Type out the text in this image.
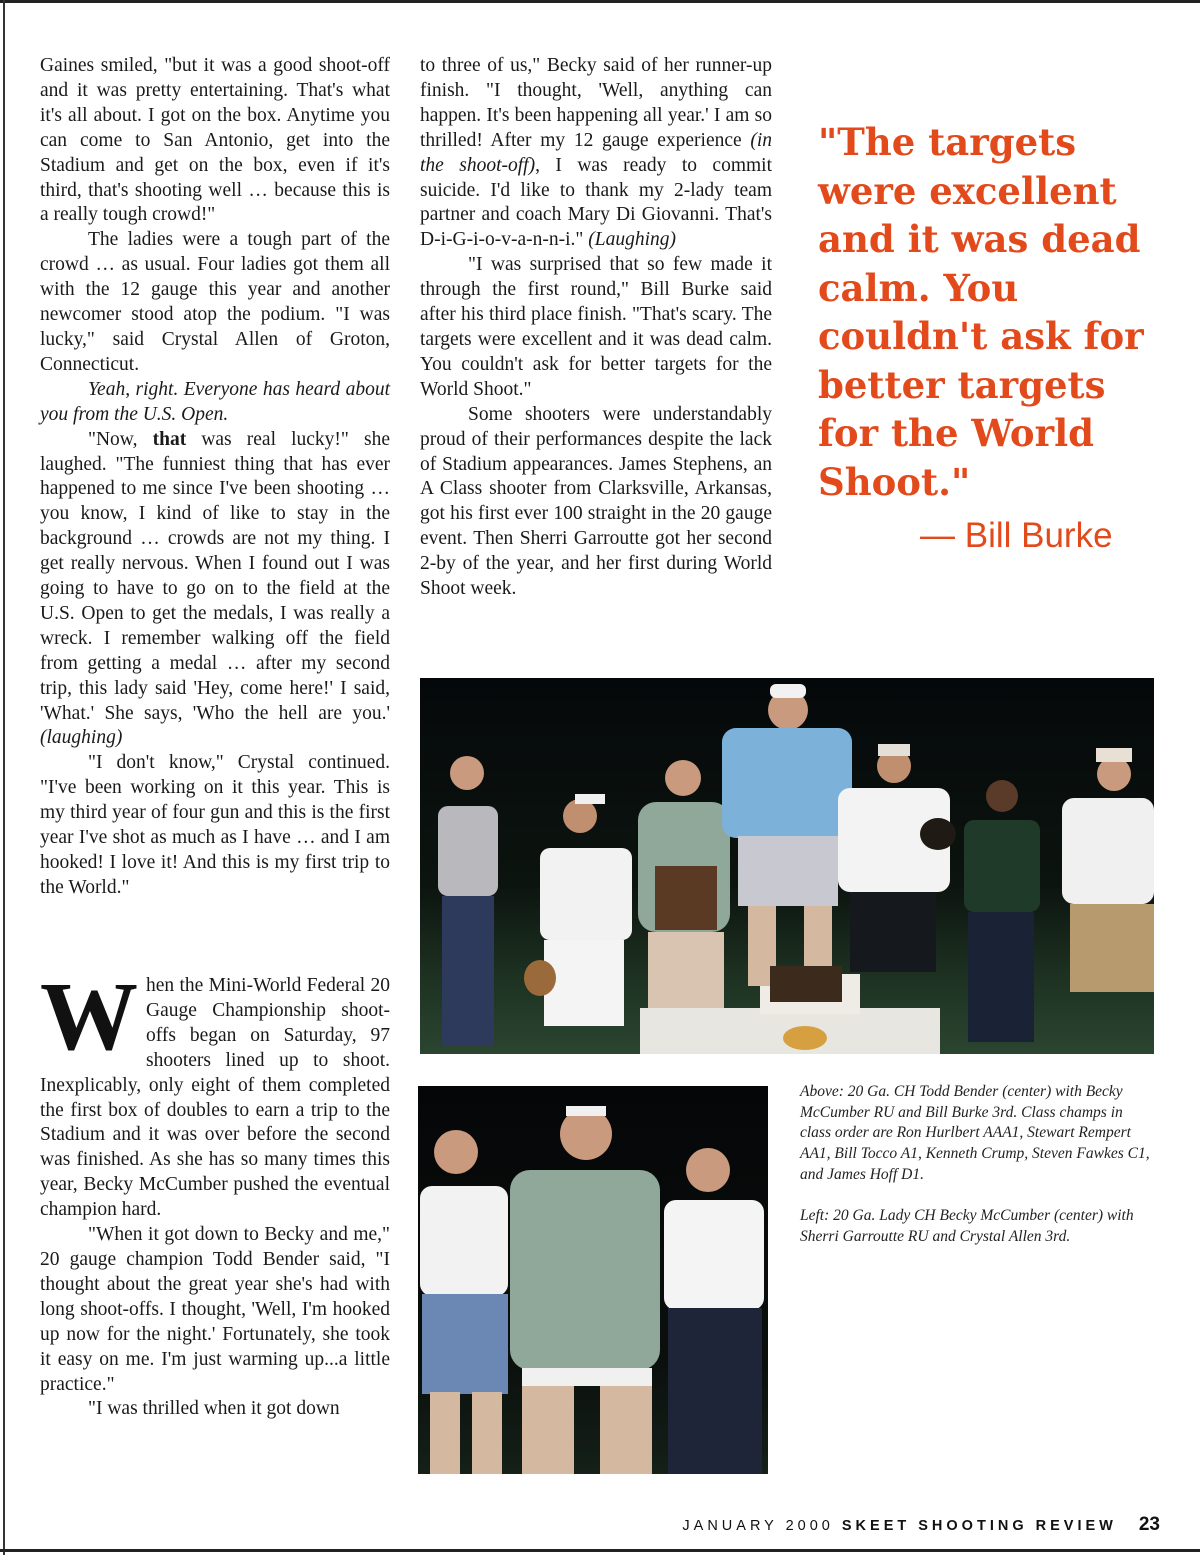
Gaines smiled, "but it was a good shoot-off and it was pretty entertaining. That's what it's all about. I got on the box. Anytime you can come to San Antonio, get into the Stadium and get on the box, even if it's third, that's shooting well … because this is a really tough crowd!"

The ladies were a tough part of the crowd … as usual. Four ladies got them all with the 12 gauge this year and another newcomer stood atop the podium. "I was lucky," said Crystal Allen of Groton, Connecticut.

Yeah, right. Everyone has heard about you from the U.S. Open.

"Now, that was real lucky!" she laughed. "The funniest thing that has ever happened to me since I've been shooting … you know, I kind of like to stay in the background … crowds are not my thing. I get really nervous. When I found out I was going to have to go on to the field at the U.S. Open to get the medals, I was really a wreck. I remember walking off the field from getting a medal … after my second trip, this lady said 'Hey, come here!' I said, 'What.' She says, 'Who the hell are you.' (laughing)

"I don't know," Crystal continued. "I've been working on it this year. This is my third year of four gun and this is the first year I've shot as much as I have … and I am hooked! I love it! And this is my first trip to the World."

When the Mini-World Federal 20 Gauge Championship shoot-offs began on Saturday, 97 shooters lined up to shoot. Inexplicably, only eight of them completed the first box of doubles to earn a trip to the Stadium and it was over before the second was finished. As she has so many times this year, Becky McCumber pushed the eventual champion hard.

"When it got down to Becky and me," 20 gauge champion Todd Bender said, "I thought about the great year she's had with long shoot-offs. I thought, 'Well, I'm hooked up now for the night.' Fortunately, she took it easy on me. I'm just warming up...a little practice."

"I was thrilled when it got down

to three of us," Becky said of her runner-up finish. "I thought, 'Well, anything can happen. It's been happening all year.' I am so thrilled! After my 12 gauge experience (in the shoot-off), I was ready to commit suicide. I'd like to thank my 2-lady team partner and coach Mary Di Giovanni. That's D-i-G-i-o-v-a-n-n-i." (Laughing)

"I was surprised that so few made it through the first round," Bill Burke said after his third place finish. "That's scary. The targets were excellent and it was dead calm. You couldn't ask for better targets for the World Shoot."

Some shooters were understandably proud of their performances despite the lack of Stadium appearances. James Stephens, an A Class shooter from Clarksville, Arkansas, got his first ever 100 straight in the 20 gauge event. Then Sherri Garroutte got her second 2-by of the year, and her first during World Shoot week.

"The targets were excellent and it was dead calm. You couldn't ask for better targets for the World Shoot."
— Bill Burke
Above: 20 Ga. CH Todd Bender (center) with Becky McCumber RU and Bill Burke 3rd. Class champs in class order are Ron Hurlbert AAA1, Stewart Rempert AA1, Bill Tocco A1, Kenneth Crump, Steven Fawkes C1, and James Hoff D1.
Left: 20 Ga. Lady CH Becky McCumber (center) with Sherri Garroutte RU and Crystal Allen 3rd.
JANUARY 2000 SKEET SHOOTING REVIEW 23
